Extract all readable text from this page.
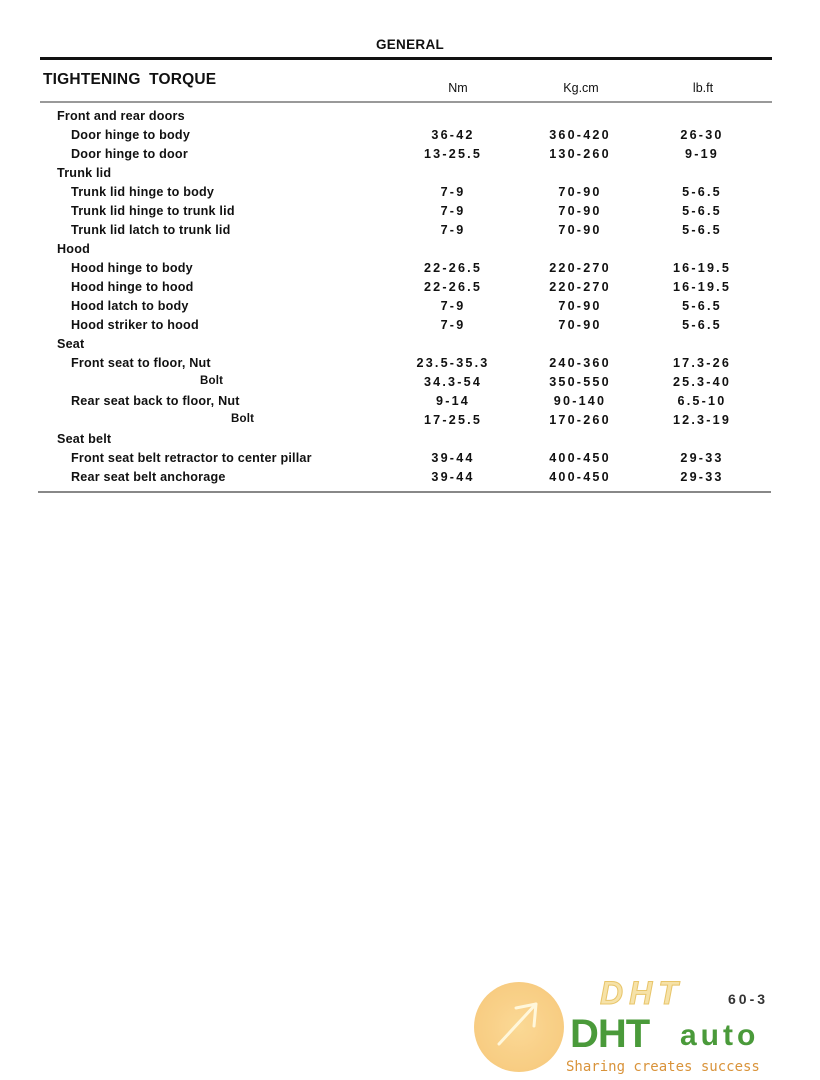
GENERAL
TIGHTENING TORQUE	Nm	Kg.cm	lb.ft
Front and rear doors
Door hinge to body	36-42	360-420	26-30
Door hinge to door	13-25.5	130-260	9-19
Trunk lid
Trunk lid hinge to body	7-9	70-90	5-6.5
Trunk lid hinge to trunk lid	7-9	70-90	5-6.5
Trunk lid latch to trunk lid	7-9	70-90	5-6.5
Hood
Hood hinge to body	22-26.5	220-270	16-19.5
Hood hinge to hood	22-26.5	220-270	16-19.5
Hood latch to body	7-9	70-90	5-6.5
Hood striker to hood	7-9	70-90	5-6.5
Seat
Front seat to floor, Nut	23.5-35.3	240-360	17.3-26
Bolt	34.3-54	350-550	25.3-40
Rear seat back to floor, Nut	9-14	90-140	6.5-10
Bolt	17-25.5	170-260	12.3-19
Seat belt
Front seat belt retractor to center pillar	39-44	400-450	29-33
Rear seat belt anchorage	39-44	400-450	29-33
DHT	60-3
DHT auto
Sharing creates success
